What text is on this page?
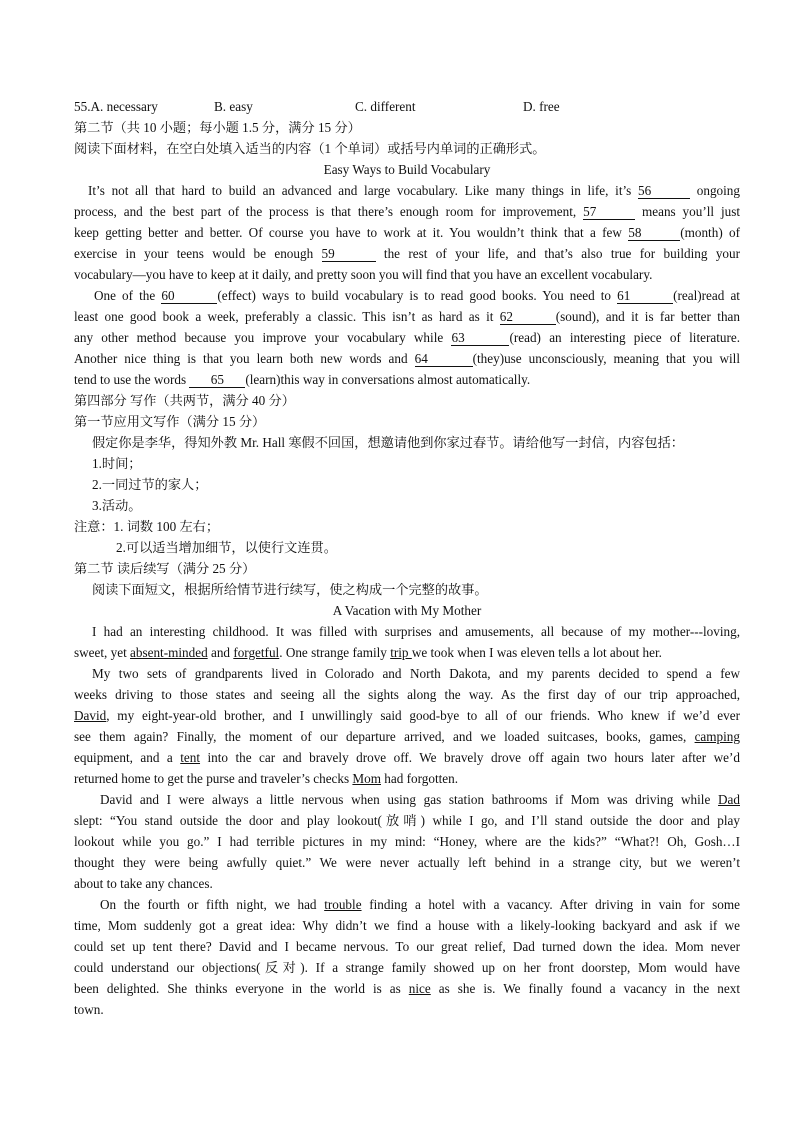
55.A. necessary	B. easy	C. different	D. free
第二节（共 10 小题；每小题 1.5 分，满分 15 分）
阅读下面材料，在空白处填入适当的内容（1 个单词）或括号内单词的正确形式。
Easy Ways to Build Vocabulary
It’s not all that hard to build an advanced and large vocabulary. Like many things in life, it’s 56	ongoing
process, and the best part of the process is that there’s enough room for improvement, 57	means you’ll just
keep getting better and better. Of course you have to work at it. You wouldn’t think that a few 58	(month) of
exercise in your teens would be enough 59	the rest of your life, and that’s also true for building your
vocabulary—you have to keep at it daily, and pretty soon you will find that you have an excellent vocabulary.
One of the 60	(effect) ways to build vocabulary is to read good books. You need to 61	(real)read at
least one good book a week, preferably a classic. This isn’t as hard as it 62	(sound), and it is far better than
any other method because you improve your vocabulary while 63	(read) an interesting piece of literature.
Another nice thing is that you learn both new words and 64	(they)use unconsciously, meaning that you will
tend to use the words 65 (learn)this way in conversations almost automatically.
第四部分 写作（共两节，满分 40 分）
第一节应用文写作（满分 15 分）
假定你是李华，得知外教 Mr. Hall 寒假不回国，想邀请他到你家过春节。请给他写一封信，内容包括：
1.时间；
2.一同过节的家人；
3.活动。
注意：1. 词数 100 左右；
2.可以适当增加细节，以使行文连贯。
第二节 读后续写（满分 25 分）
阅读下面短文，根据所给情节进行续写，使之构成一个完整的故事。
A Vacation with My Mother
I had an interesting childhood. It was filled with surprises and amusements, all because of my mother---loving,
sweet, yet absent-minded and forgetful. One strange family trip we took when I was eleven tells a lot about her.
My two sets of grandparents lived in Colorado and North Dakota, and my parents decided to spend a few
weeks driving to those states and seeing all the sights along the way. As the first day of our trip approached,
David, my eight-year-old brother, and I unwillingly said good-bye to all of our friends. Who knew if we’d ever
see them again? Finally, the moment of our departure arrived, and we loaded suitcases, books, games, camping
equipment, and a tent into the car and bravely drove off. We bravely drove off again two hours later after we’d
returned home to get the purse and traveler’s checks Mom had forgotten.
David and I were always a little nervous when using gas station bathrooms if Mom was driving while Dad
slept: “You stand outside the door and play lookout(放哨) while I go, and I’ll stand outside the door and play
lookout while you go.” I had terrible pictures in my mind: “Honey, where are the kids?” “What?! Oh, Gosh…I
thought they were being awfully quiet.” We were never actually left behind in a strange city, but we weren’t
about to take any chances.
On the fourth or fifth night, we had trouble finding a hotel with a vacancy. After driving in vain for some
time, Mom suddenly got a great idea: Why didn’t we find a house with a likely-looking backyard and ask if we
could set up tent there? David and I became nervous. To our great relief, Dad turned down the idea. Mom never
could understand our objections(反对). If a strange family showed up on her front doorstep, Mom would have
been delighted. She thinks everyone in the world is as nice as she is. We finally found a vacancy in the next
town.
